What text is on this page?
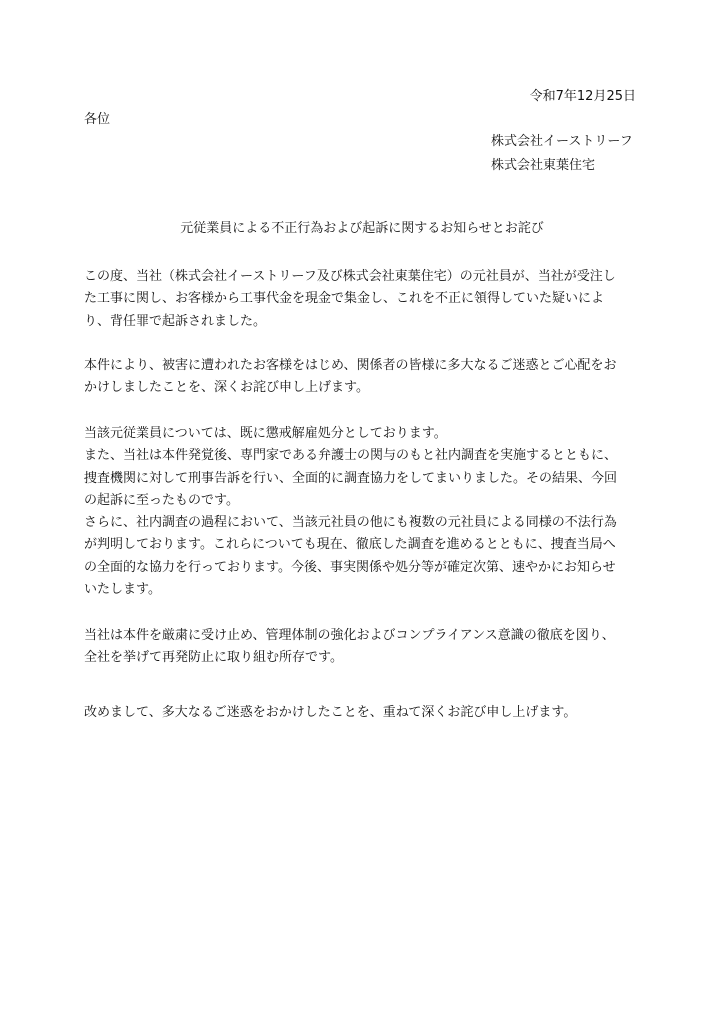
令和7年12月25日
各位
株式会社イーストリーフ
株式会社東葉住宅
元従業員による不正行為および起訴に関するお知らせとお詫び
この度、当社（株式会社イーストリーフ及び株式会社東葉住宅）の元社員が、当社が受注し
た工事に関し、お客様から工事代金を現金で集金し、これを不正に領得していた疑いによ
り、背任罪で起訴されました。
本件により、被害に遭われたお客様をはじめ、関係者の皆様に多大なるご迷惑とご心配をお
かけしましたことを、深くお詫び申し上げます。
当該元従業員については、既に懲戒解雇処分としております。
また、当社は本件発覚後、専門家である弁護士の関与のもと社内調査を実施するとともに、
捜査機関に対して刑事告訴を行い、全面的に調査協力をしてまいりました。その結果、今回
の起訴に至ったものです。
さらに、社内調査の過程において、当該元社員の他にも複数の元社員による同様の不法行為
が判明しております。これらについても現在、徹底した調査を進めるとともに、捜査当局へ
の全面的な協力を行っております。今後、事実関係や処分等が確定次第、速やかにお知らせ
いたします。
当社は本件を厳粛に受け止め、管理体制の強化およびコンプライアンス意識の徹底を図り、
全社を挙げて再発防止に取り組む所存です。
改めまして、多大なるご迷惑をおかけしたことを、重ねて深くお詫び申し上げます。
